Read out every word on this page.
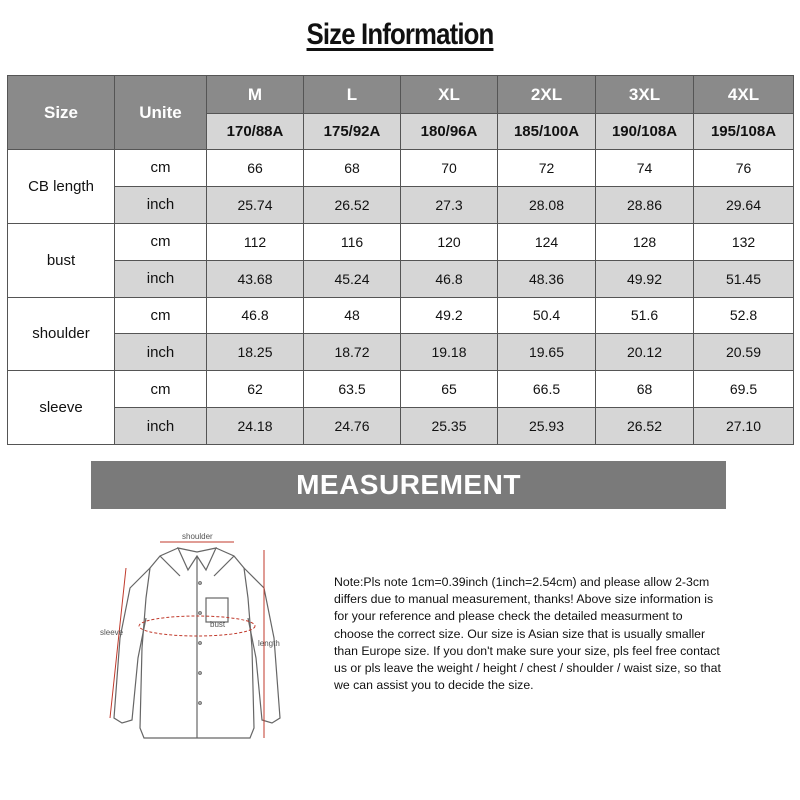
Size Information
Size	Unite	M	L	XL	2XL	3XL	4XL
		170/88A	175/92A	180/96A	185/100A	190/108A	195/108A
CB length	cm	66	68	70	72	74	76
	inch	25.74	26.52	27.3	28.08	28.86	29.64
bust	cm	112	116	120	124	128	132
	inch	43.68	45.24	46.8	48.36	49.92	51.45
shoulder	cm	46.8	48	49.2	50.4	51.6	52.8
	inch	18.25	18.72	19.18	19.65	20.12	20.59
sleeve	cm	62	63.5	65	66.5	68	69.5
	inch	24.18	24.76	25.35	25.93	26.52	27.10
MEASUREMENT
shoulder
bust
sleeve
length
Note:Pls note 1cm=0.39inch (1inch=2.54cm) and please allow 2-3cm differs due to manual measurement, thanks! Above size information is for your reference and please check the detailed measurment to choose the correct size. Our size is Asian size that is usually smaller than Europe size. If you don't make sure your size, pls feel free contact us or pls leave the weight / height / chest / shoulder / waist size, so that we can assist you to decide the size.
